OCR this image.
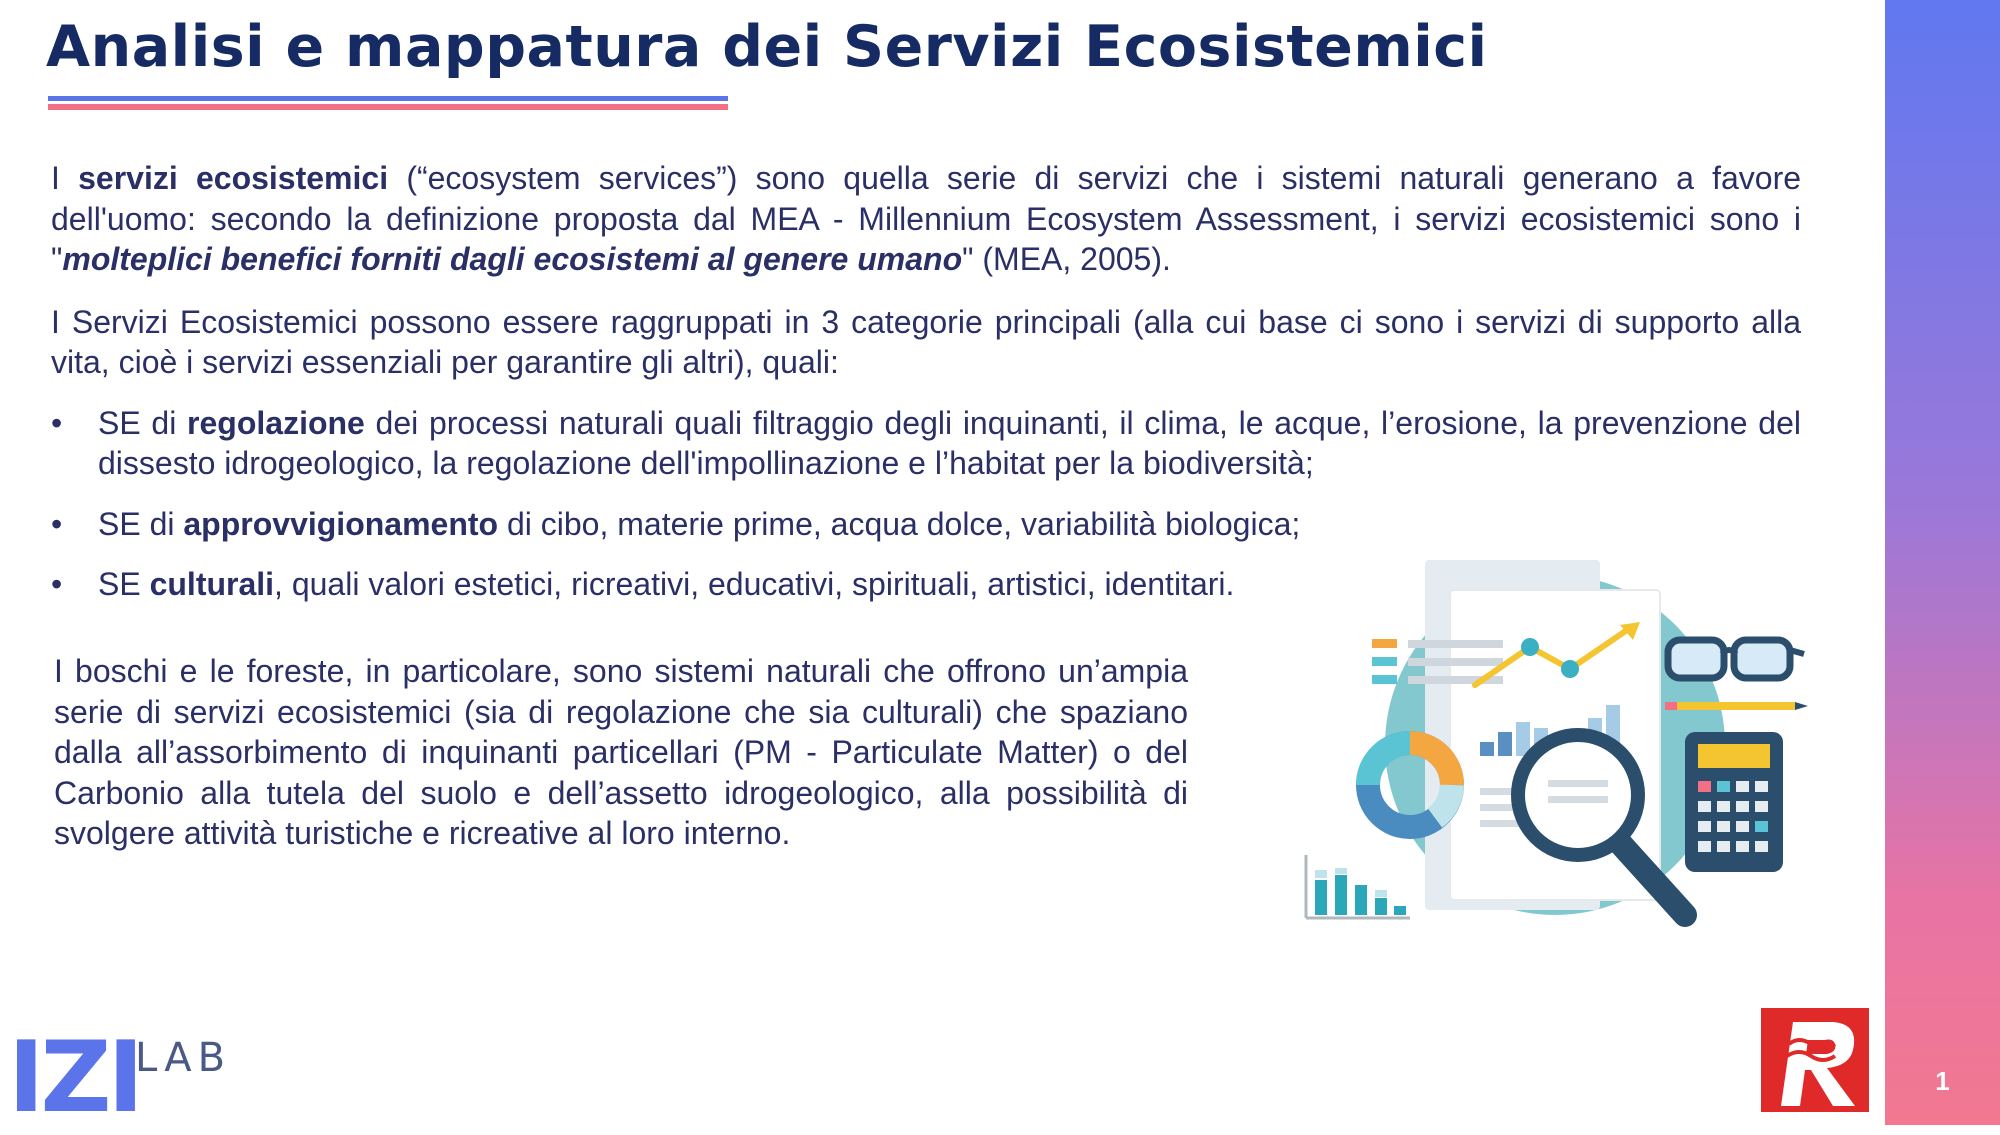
1
Analisi e mappatura dei Servizi Ecosistemici

I servizi ecosistemici (“ecosystem services”) sono quella serie di servizi che i sistemi naturali generano a favore dell'uomo: secondo la definizione proposta dal MEA - Millennium Ecosystem Assessment, i servizi ecosistemici sono i "molteplici benefici forniti dagli ecosistemi al genere umano" (MEA, 2005).

I Servizi Ecosistemici possono essere raggruppati in 3 categorie principali (alla cui base ci sono i servizi di supporto alla vita, cioè i servizi essenziali per garantire gli altri), quali:

• SE di regolazione dei processi naturali quali filtraggio degli inquinanti, il clima, le acque, l’erosione, la prevenzione del dissesto idrogeologico, la regolazione dell'impollinazione e l’habitat per la biodiversità;
• SE di approvvigionamento di cibo, materie prime, acqua dolce, variabilità biologica;
• SE culturali, quali valori estetici, ricreativi, educativi, spirituali, artistici, identitari.

I boschi e le foreste, in particolare, sono sistemi naturali che offrono un’ampia serie di servizi ecosistemici (sia di regolazione che sia culturali) che spaziano dalla all’assorbimento di inquinanti particellari (PM - Particulate Matter) o del Carbonio alla tutela del suolo e dell’assetto idrogeologico, alla possibilità di svolgere attività turistiche e ricreative al loro interno.

IZI
LAB
